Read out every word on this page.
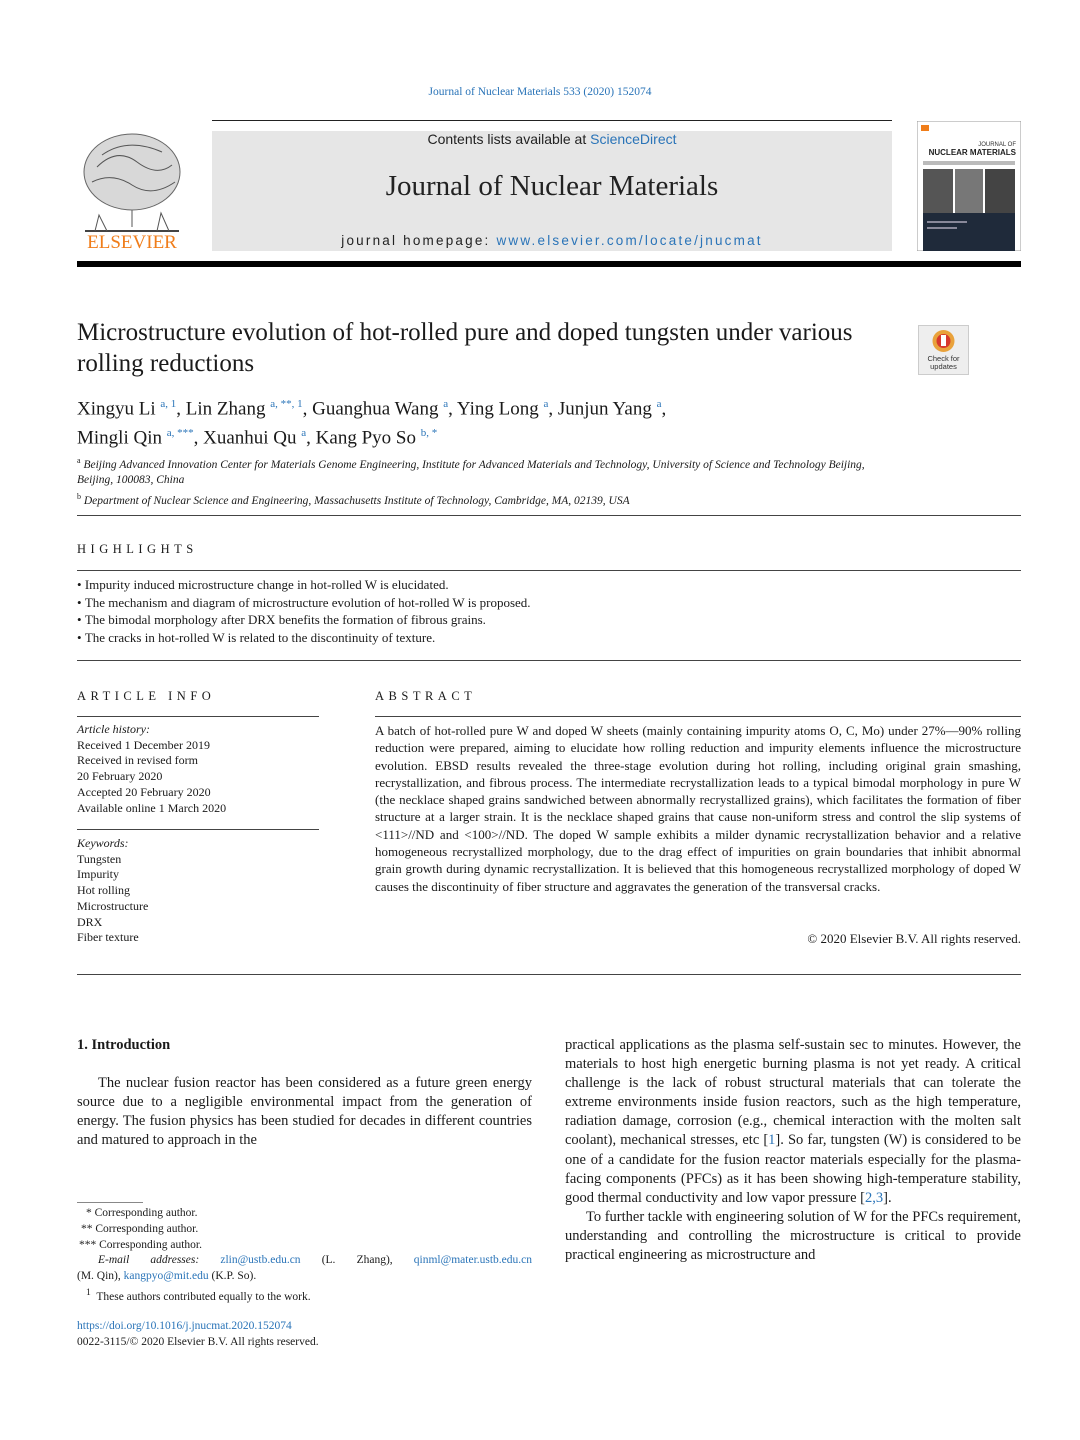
Journal of Nuclear Materials 533 (2020) 152074
ELSEVIER
Contents lists available at ScienceDirect
Journal of Nuclear Materials
journal homepage: www.elsevier.com/locate/jnucmat
JOURNAL OF
NUCLEAR MATERIALS
Microstructure evolution of hot-rolled pure and doped tungsten under various rolling reductions	Check for
updates
Xingyu Li $^{a, 1}$, Lin Zhang $^{a, **, 1}$, Guanghua Wang $^a$, Ying Long $^a$, Junjun Yang $^a$,
Mingli Qin $^{a, ***}$, Xuanhui Qu $^a$, Kang Pyo So $^{b, *}$
$^a$ Beijing Advanced Innovation Center for Materials Genome Engineering, Institute for Advanced Materials and Technology, University of Science and Technology Beijing, Beijing, 100083, China
$^b$ Department of Nuclear Science and Engineering, Massachusetts Institute of Technology, Cambridge, MA, 02139, USA
HIGHLIGHTS
• Impurity induced microstructure change in hot-rolled W is elucidated.
• The mechanism and diagram of microstructure evolution of hot-rolled W is proposed.
• The bimodal morphology after DRX benefits the formation of fibrous grains.
• The cracks in hot-rolled W is related to the discontinuity of texture.
ARTICLE INFO
Article history:
Received 1 December 2019
Received in revised form
20 February 2020
Accepted 20 February 2020
Available online 1 March 2020
Keywords:
Tungsten
Impurity
Hot rolling
Microstructure
DRX
Fiber texture
ABSTRACT
A batch of hot-rolled pure W and doped W sheets (mainly containing impurity atoms O, C, Mo) under 27%—90% rolling reduction were prepared, aiming to elucidate how rolling reduction and impurity elements influence the microstructure evolution. EBSD results revealed the three-stage evolution during hot rolling, including original grain smashing, recrystallization, and fibrous process. The intermediate recrystallization leads to a typical bimodal morphology in pure W (the necklace shaped grains sandwiched between abnormally recrystallized grains), which facilitates the formation of fiber structure at a larger strain. It is the necklace shaped grains that cause non-uniform stress and control the slip systems of <111>//ND and <100>//ND. The doped W sample exhibits a milder dynamic recrystallization behavior and a relative homogeneous recrystallized morphology, due to the drag effect of impurities on grain boundaries that inhibit abnormal grain growth during dynamic recrystallization. It is believed that this homogeneous recrystallized morphology of doped W causes the discontinuity of fiber structure and aggravates the generation of the transversal cracks.
© 2020 Elsevier B.V. All rights reserved.
1. Introduction
The nuclear fusion reactor has been considered as a future green energy source due to a negligible environmental impact from the generation of energy. The fusion physics has been studied for decades in different countries and matured to approach in the
practical applications as the plasma self-sustain sec to minutes. However, the materials to host high energetic burning plasma is not yet ready. A critical challenge is the lack of robust structural materials that can tolerate the extreme environments inside fusion reactors, such as the high temperature, radiation damage, corrosion (e.g., chemical interaction with the molten salt coolant), mechanical stresses, etc [1]. So far, tungsten (W) is considered to be one of a candidate for the fusion reactor materials especially for the plasma-facing components (PFCs) as it has been showing high-temperature stability, good thermal conductivity and low vapor pressure [2,3].
To further tackle with engineering solution of W for the PFCs requirement, understanding and controlling the microstructure is critical to provide practical engineering as microstructure and
* Corresponding author.
** Corresponding author.
*** Corresponding author.
E-mail addresses: zlin@ustb.edu.cn (L. Zhang), qinml@mater.ustb.edu.cn
(M. Qin), kangpyo@mit.edu (K.P. So).
$^1$ These authors contributed equally to the work.
https://doi.org/10.1016/j.jnucmat.2020.152074
0022-3115/© 2020 Elsevier B.V. All rights reserved.
